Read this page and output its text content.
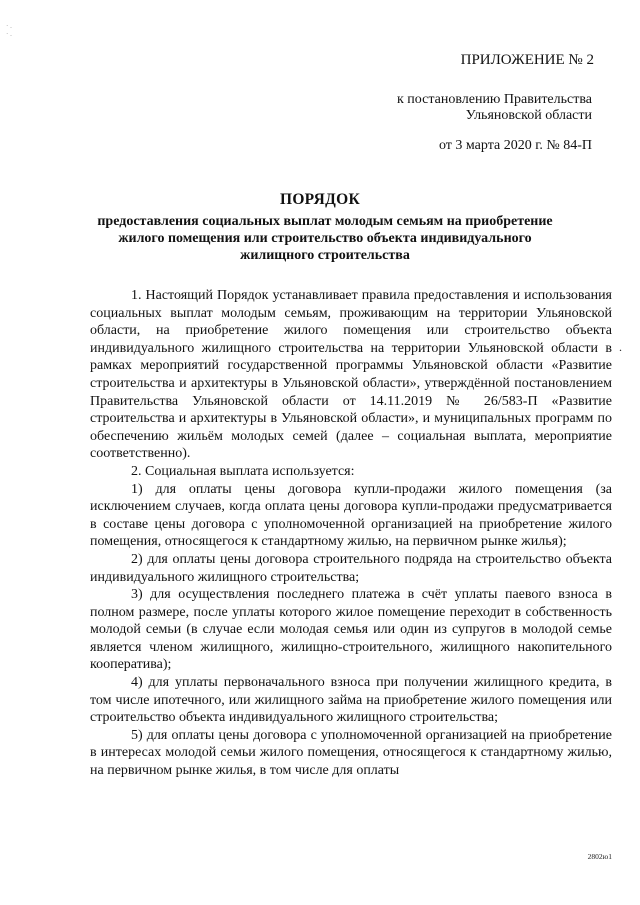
· .
· .
ПРИЛОЖЕНИЕ № 2
к постановлению Правительства
Ульяновской области
от 3 марта 2020 г. № 84-П
ПОРЯДОК
предоставления социальных выплат молодым семьям на приобретение жилого помещения или строительство объекта индивидуального жилищного строительства

1. Настоящий Порядок устанавливает правила предоставления и использования социальных выплат молодым семьям, проживающим на территории Ульяновской области, на приобретение жилого помещения или строительство объекта индивидуального жилищного строительства на территории Ульяновской области в рамках мероприятий государственной программы Ульяновской области «Развитие строительства и архитектуры в Ульяновской области», утверждённой постановлением Правительства Ульяновской области от 14.11.2019 № 26/583-П «Развитие строительства и архитектуры в Ульяновской области», и муниципальных программ по обеспечению жильём молодых семей (далее – социальная выплата, мероприятие соответственно).

2. Социальная выплата используется:

1) для оплаты цены договора купли-продажи жилого помещения (за исключением случаев, когда оплата цены договора купли-продажи предусматривается в составе цены договора с уполномоченной организацией на приобретение жилого помещения, относящегося к стандартному жилью, на первичном рынке жилья);

2) для оплаты цены договора строительного подряда на строительство объекта индивидуального жилищного строительства;

3) для осуществления последнего платежа в счёт уплаты паевого взноса в полном размере, после уплаты которого жилое помещение переходит в собственность молодой семьи (в случае если молодая семья или один из супругов в молодой семье является членом жилищного, жилищно-строительного, жилищного накопительного кооператива);

4) для уплаты первоначального взноса при получении жилищного кредита, в том числе ипотечного, или жилищного займа на приобретение жилого помещения или строительство объекта индивидуального жилищного строительства;

5) для оплаты цены договора с уполномоченной организацией на приобретение в интересах молодой семьи жилого помещения, относящегося к стандартному жилью, на первичном рынке жилья, в том числе для оплаты

.
2802ю1
